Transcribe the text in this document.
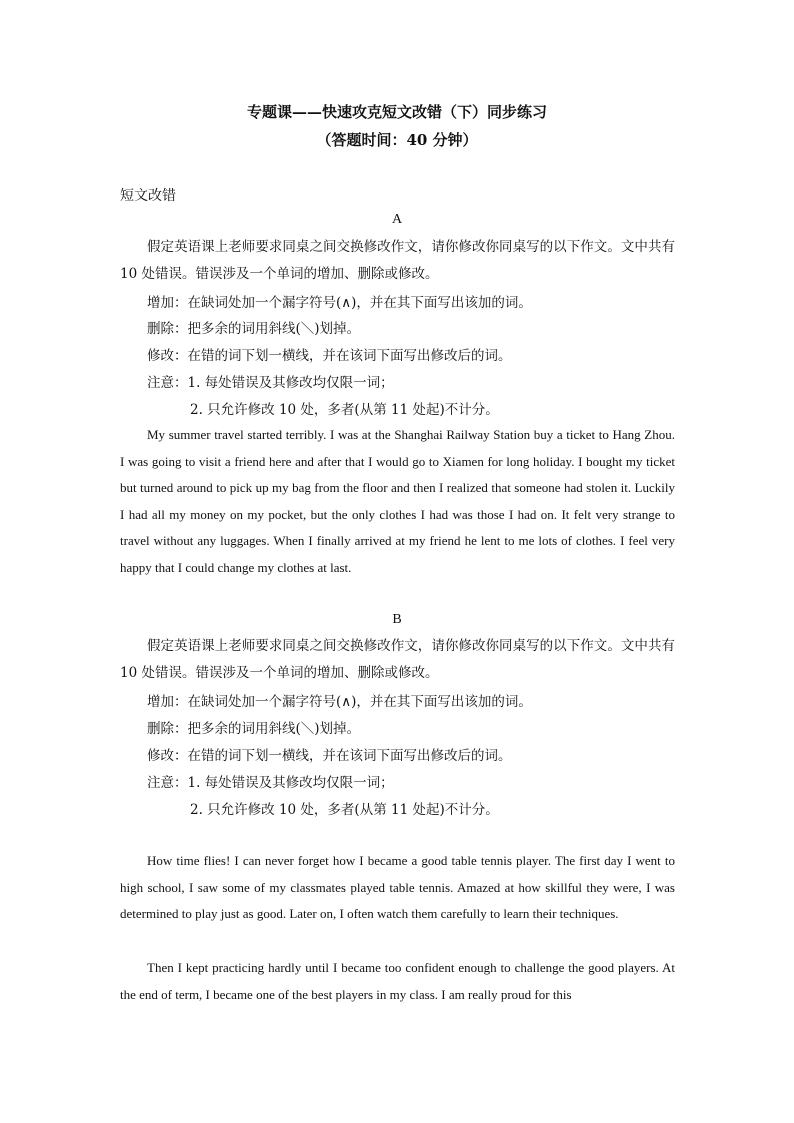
专题课——快速攻克短文改错（下）同步练习
（答题时间：40 分钟）
短文改错
A

假定英语课上老师要求同桌之间交换修改作文，请你修改你同桌写的以下作文。文中共有 10 处错误。错误涉及一个单词的增加、删除或修改。

增加：在缺词处加一个漏字符号(∧)，并在其下面写出该加的词。
删除：把多余的词用斜线(＼)划掉。
修改：在错的词下划一横线，并在该词下面写出修改后的词。
注意：1. 每处错误及其修改均仅限一词；
2. 只允许修改 10 处，多者(从第 11 处起)不计分。

My summer travel started terribly. I was at the Shanghai Railway Station buy a ticket to Hang Zhou. I was going to visit a friend here and after that I would go to Xiamen for long holiday. I bought my ticket but turned around to pick up my bag from the floor and then I realized that someone had stolen it. Luckily I had all my money on my pocket, but the only clothes I had was those I had on. It felt very strange to travel without any luggages. When I finally arrived at my friend he lent to me lots of clothes. I feel very happy that I could change my clothes at last.

B

假定英语课上老师要求同桌之间交换修改作文，请你修改你同桌写的以下作文。文中共有 10 处错误。错误涉及一个单词的增加、删除或修改。

增加：在缺词处加一个漏字符号(∧)，并在其下面写出该加的词。
删除：把多余的词用斜线(＼)划掉。
修改：在错的词下划一横线，并在该词下面写出修改后的词。
注意：1. 每处错误及其修改均仅限一词；
2. 只允许修改 10 处，多者(从第 11 处起)不计分。

How time flies! I can never forget how I became a good table tennis player. The first day I went to high school, I saw some of my classmates played table tennis. Amazed at how skillful they were, I was determined to play just as good. Later on, I often watch them carefully to learn their techniques.

Then I kept practicing hardly until I became too confident enough to challenge the good players. At the end of term, I became one of the best players in my class. I am really proud for this
